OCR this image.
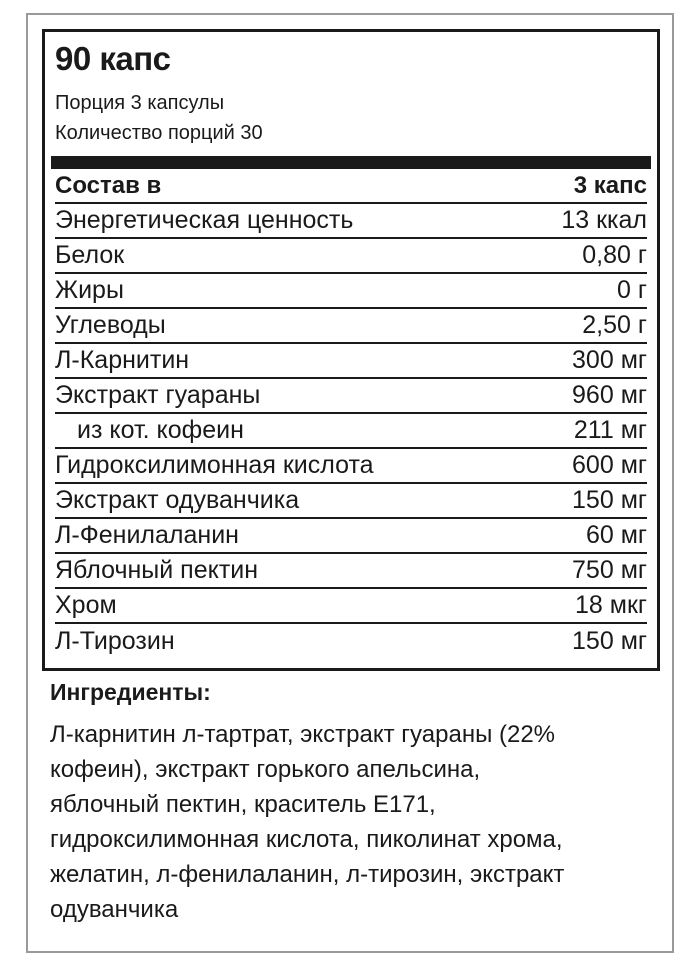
90 капс
Порция 3 капсулы
Количество порций 30
Состав в	3 капс
Энергетическая ценность	13 ккал
Белок	0,80 г
Жиры	0 г
Углеводы	2,50 г
Л-Карнитин	300 мг
Экстракт гуараны	960 мг
из кот. кофеин	211 мг
Гидроксилимонная кислота	600 мг
Экстракт одуванчика	150 мг
Л-Фенилаланин	60 мг
Яблочный пектин	750 мг
Хром	18 мкг
Л-Тирозин	150 мг
Ингредиенты:
Л-карнитин л-тартрат, экстракт гуараны (22%
кофеин), экстракт горького апельсина,
яблочный пектин, краситель Е171,
гидроксилимонная кислота, пиколинат хрома,
желатин, л-фенилаланин, л-тирозин, экстракт
одуванчика
